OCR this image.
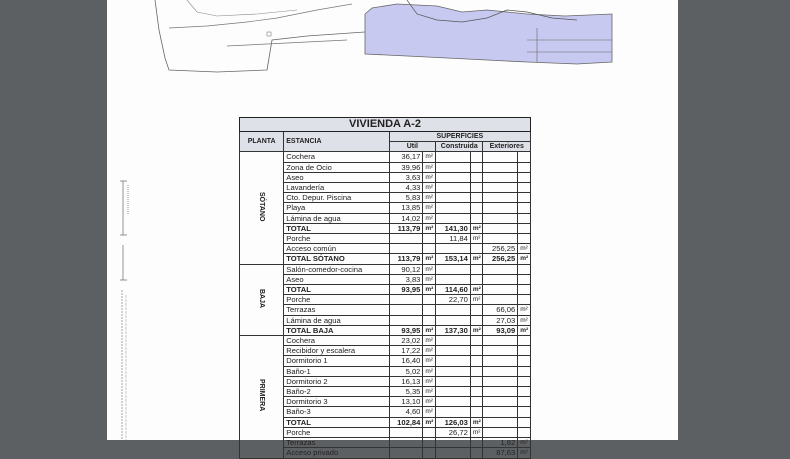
VIVIENDA A-2							
PLANTA	ESTANCIA	SUPERFICIES					
		Útil		Construida		Exteriores	
SÓTANO	Cochera	36,17	m²				
	Zona de Ocio	39,96	m²				
	Aseo	3,63	m²				
	Lavandería	4,33	m²				
	Cto. Depur. Piscina	5,83	m²				
	Playa	13,85	m²				
	Lámina de agua	14,02	m²				
	TOTAL	113,79	m²	141,30	m²		
	Porche			11,84	m²		
	Acceso común					256,25	m²
	TOTAL SÓTANO	113,79	m²	153,14	m²	256,25	m²
BAJA	Salón-comedor-cocina	90,12	m²				
	Aseo	3,83	m²				
	TOTAL	93,95	m²	114,60	m²		
	Porche			22,70	m²		
	Terrazas					66,06	m²
	Lámina de agua					27,03	m²
	TOTAL BAJA	93,95	m²	137,30	m²	93,09	m²
PRIMERA	Cochera	23,02	m²				
	Recibidor y escalera	17,22	m²				
	Dormitorio 1	16,40	m²				
	Baño-1	5,02	m²				
	Dormitorio 2	16,13	m²				
	Baño-2	5,35	m²				
	Dormitorio 3	13,10	m²				
	Baño-3	4,60	m²				
	TOTAL	102,84	m²	126,03	m²		
	Porche			26,72	m²		
	Terrazas					1,82	m²
	Acceso privado					87,63	m²
